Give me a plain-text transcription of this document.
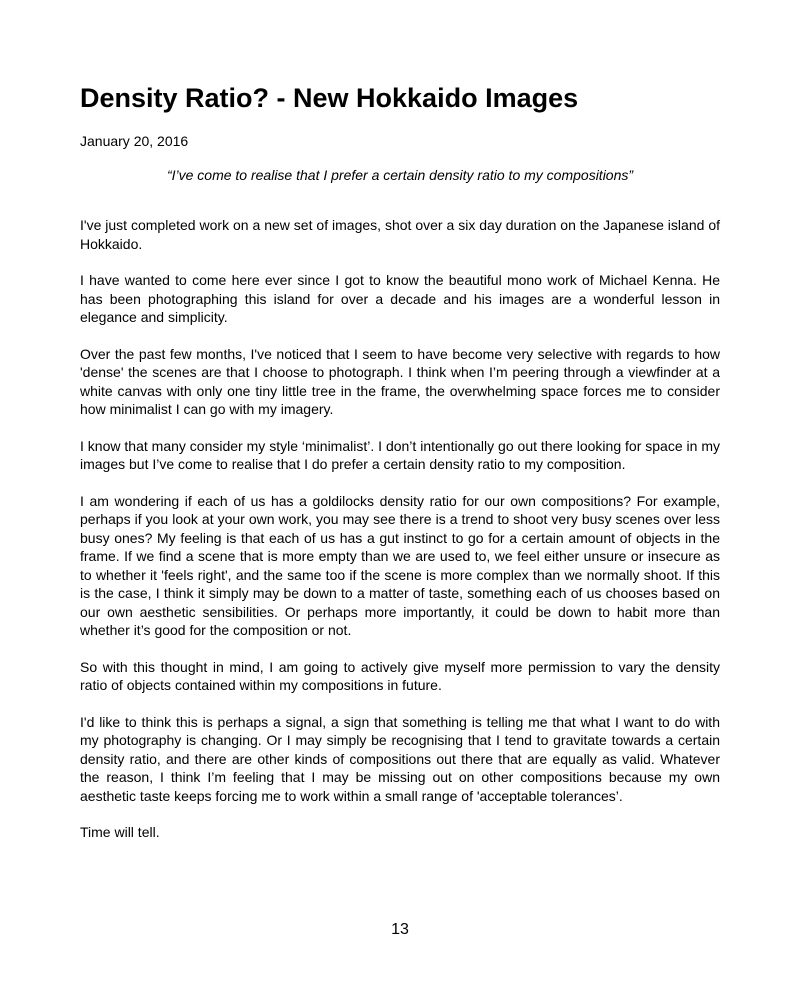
Density Ratio? - New Hokkaido Images

January 20, 2016

“I’ve come to realise that I prefer a certain density ratio to my compositions”

I've just completed work on a new set of images, shot over a six day duration on the Japanese island of Hokkaido.

I have wanted to come here ever since I got to know the beautiful mono work of Michael Kenna. He has been photographing this island for over a decade and his images are a wonderful lesson in elegance and simplicity.

Over the past few months, I've noticed that I seem to have become very selective with regards to how 'dense' the scenes are that I choose to photograph. I think when I’m peering through a viewfinder at a white canvas with only one tiny little tree in the frame, the overwhelming space forces me to consider how minimalist I can go with my imagery.

I know that many consider my style ‘minimalist’. I don’t intentionally go out there looking for space in my images but I’ve come to realise that I do prefer a certain density ratio to my composition.

I am wondering if each of us has a goldilocks density ratio for our own compositions? For example, perhaps if you look at your own work, you may see there is a trend to shoot very busy scenes over less busy ones? My feeling is that each of us has a gut instinct to go for a certain amount of objects in the frame. If we find a scene that is more empty than we are used to, we feel either unsure or insecure as to whether it 'feels right', and the same too if the scene is more complex than we normally shoot. If this is the case, I think it simply may be down to a matter of taste, something each of us chooses based on our own aesthetic sensibilities. Or perhaps more importantly, it could be down to habit more than whether it’s good for the composition or not.

So with this thought in mind, I am going to actively give myself more permission to vary the density ratio of objects contained within my compositions in future.

I'd like to think this is perhaps a signal, a sign that something is telling me that what I want to do with my photography is changing. Or I may simply be recognising that I tend to gravitate towards a certain density ratio, and there are other kinds of compositions out there that are equally as valid. Whatever the reason, I think I’m feeling that I may be missing out on other compositions because my own aesthetic taste keeps forcing me to work within a small range of 'acceptable tolerances’.

Time will tell.

13
